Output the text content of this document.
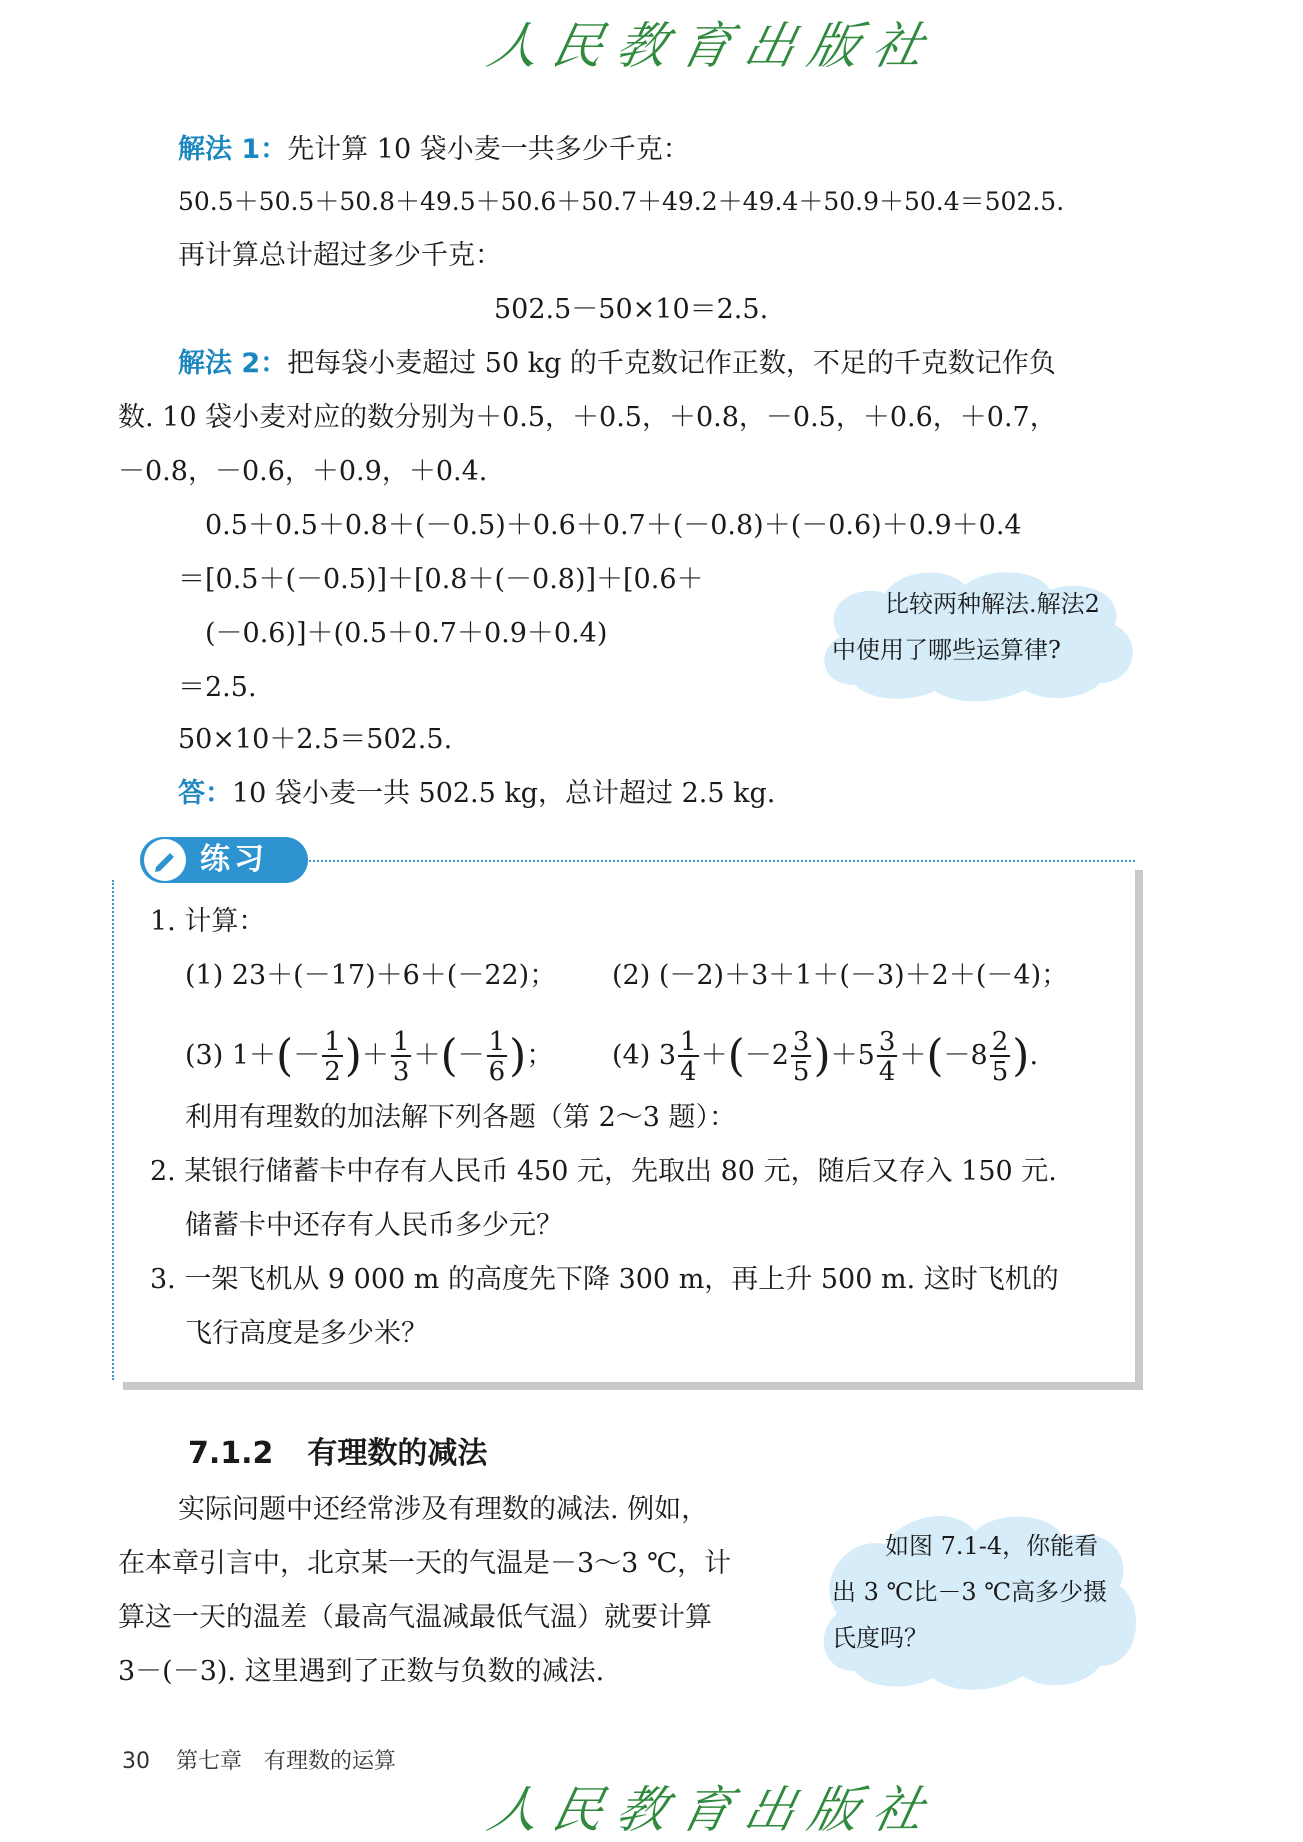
人民教育出版社
解法 1：先计算 10 袋小麦一共多少千克：
50.5＋50.5＋50.8＋49.5＋50.6＋50.7＋49.2＋49.4＋50.9＋50.4＝502.5.
再计算总计超过多少千克：
502.5－50×10＝2.5.
解法 2：把每袋小麦超过 50 kg 的千克数记作正数，不足的千克数记作负
数. 10 袋小麦对应的数分别为＋0.5，＋0.5，＋0.8，－0.5，＋0.6，＋0.7，
－0.8，－0.6，＋0.9，＋0.4.
0.5＋0.5＋0.8＋(－0.5)＋0.6＋0.7＋(－0.8)＋(－0.6)＋0.9＋0.4
＝[0.5＋(－0.5)]＋[0.8＋(－0.8)]＋[0.6＋
(－0.6)]＋(0.5＋0.7＋0.9＋0.4)
＝2.5.
50×10＋2.5＝502.5.
答：10 袋小麦一共 502.5 kg，总计超过 2.5 kg.
比较两种解法.解法2
中使用了哪些运算律?
练习
1. 计算：
(1) 23＋(－17)＋6＋(－22)； (2) (－2)＋3＋1＋(－3)＋2＋(－4)；
(3) $1+(- \frac{1}{2}$ )＋ $\frac{1}{3}$ ＋(－ $\frac{1}{6}$ )； (4) $3 \frac{1}{4} +(-2 \frac{3}{5} )+5 \frac{3}{4} +(-8 \frac{2}{5}$ ).
利用有理数的加法解下列各题（第 2～3 题）：
2. 某银行储蓄卡中存有人民币 450 元，先取出 80 元，随后又存入 150 元.
储蓄卡中还存有人民币多少元？
3. 一架飞机从 9 000 m 的高度先下降 300 m，再上升 500 m. 这时飞机的
飞行高度是多少米？
7.1.2 有理数的减法
实际问题中还经常涉及有理数的减法. 例如，
在本章引言中，北京某一天的气温是－3～3 ℃，计
算这一天的温差（最高气温减最低气温）就要计算
3－(－3). 这里遇到了正数与负数的减法.
如图 7.1-4，你能看
出 3 ℃比－3 ℃高多少摄
氏度吗？
30 第七章　有理数的运算
人民教育出版社
